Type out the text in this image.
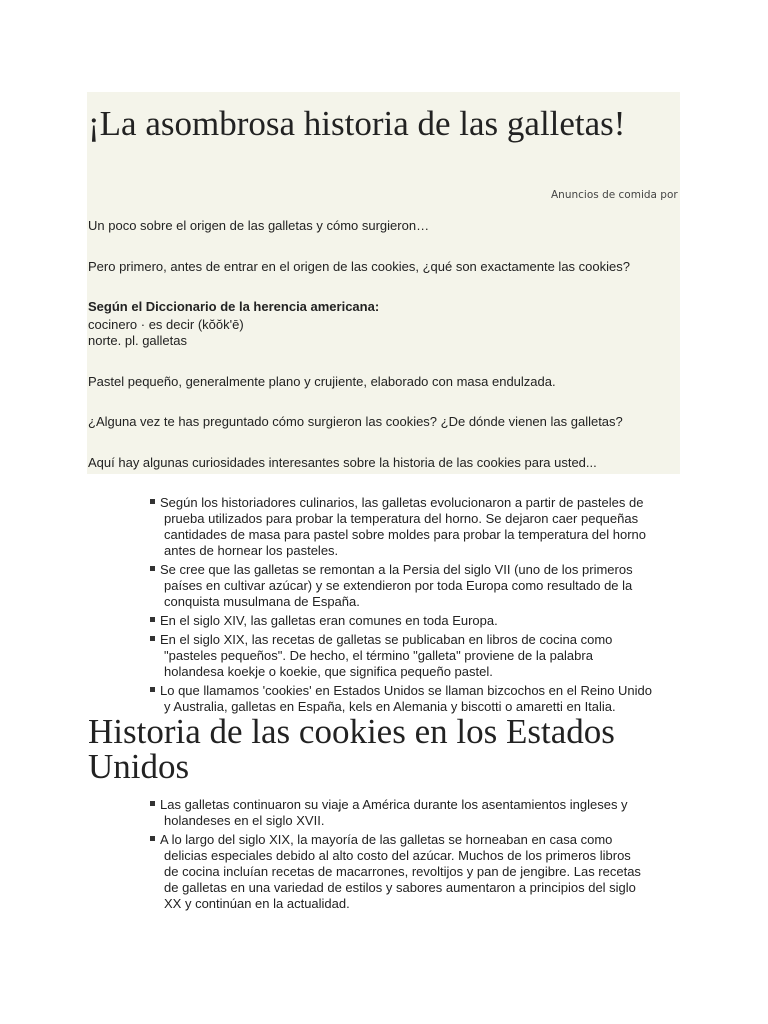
¡La asombrosa historia de las galletas!
Anuncios de comida por

Un poco sobre el origen de las galletas y cómo surgieron…

Pero primero, antes de entrar en el origen de las cookies, ¿qué son exactamente las cookies?

Según el Diccionario de la herencia americana:

cocinero · es decir (kŏŏk'ē)

norte. pl. galletas

Pastel pequeño, generalmente plano y crujiente, elaborado con masa endulzada.

¿Alguna vez te has preguntado cómo surgieron las cookies? ¿De dónde vienen las galletas?

Aquí hay algunas curiosidades interesantes sobre la historia de las cookies para usted...

Según los historiadores culinarios, las galletas evolucionaron a partir de pasteles de
prueba utilizados para probar la temperatura del horno. Se dejaron caer pequeñas
cantidades de masa para pastel sobre moldes para probar la temperatura del horno
antes de hornear los pasteles.
Se cree que las galletas se remontan a la Persia del siglo VII (uno de los primeros
países en cultivar azúcar) y se extendieron por toda Europa como resultado de la
conquista musulmana de España.
En el siglo XIV, las galletas eran comunes en toda Europa.
En el siglo XIX, las recetas de galletas se publicaban en libros de cocina como
"pasteles pequeños". De hecho, el término "galleta" proviene de la palabra
holandesa koekje o koekie, que significa pequeño pastel.
Lo que llamamos 'cookies' en Estados Unidos se llaman bizcochos en el Reino Unido
y Australia, galletas en España, kels en Alemania y biscotti o amaretti en Italia.
Historia de las cookies en los Estados
Unidos
Las galletas continuaron su viaje a América durante los asentamientos ingleses y
holandeses en el siglo XVII.
A lo largo del siglo XIX, la mayoría de las galletas se horneaban en casa como
delicias especiales debido al alto costo del azúcar. Muchos de los primeros libros
de cocina incluían recetas de macarrones, revoltijos y pan de jengibre. Las recetas
de galletas en una variedad de estilos y sabores aumentaron a principios del siglo
XX y continúan en la actualidad.
